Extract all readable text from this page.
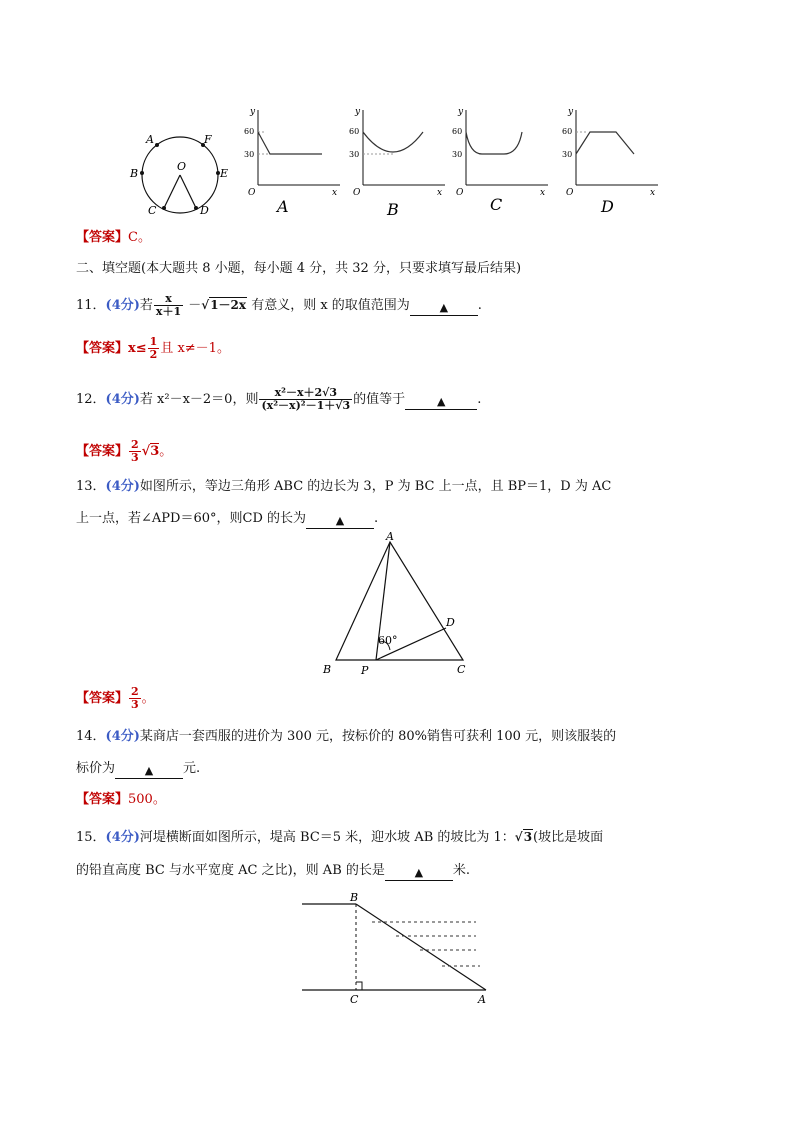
A	F
B
O
E
C	D
y
60
30
O	x
A
y
60
30
O	x
B
y
60
30
O	x
C
y
60
30
O	x
D
【答案】C。
二、填空题(本大题共 8 小题，每小题 4 分，共 32 分，只要求填写最后结果)
11．(4分)若 $\frac{x}{x+1} -√1-2x$ 有意义，则 x 的取值范围为	▲ .
【答案】$x\le \frac{1}{2}$ 且 x≠－1。
12．(4分)若 x²－x－2＝0，则 $\frac{\text{x²－x＋2√3}}{\text{(x²－x)²－1＋√3}}$ 的值等于	▲ .
【答案】 $\frac{2}{3} √3$。
13．(4分)如图所示，等边三角形 ABC 的边长为 3，P 为 BC 上一点，且 BP＝1，D 为 AC
上一点，若∠APD＝60°，则CD 的长为	▲ .
A
B	P	C
D
60°
【答案】 $\frac{2}{3}$ 。
14．(4分)某商店一套西服的进价为 300 元，按标价的 80%销售可获利 100 元，则该服装的
标价为	▲ 元.
【答案】500。
15．(4分)河堤横断面如图所示，堤高 BC＝5 米，迎水坡 AB 的坡比为 1：√3(坡比是坡面
的铅直高度 BC 与水平宽度 AC 之比)，则 AB 的长是	▲ 米.
B
C	A
